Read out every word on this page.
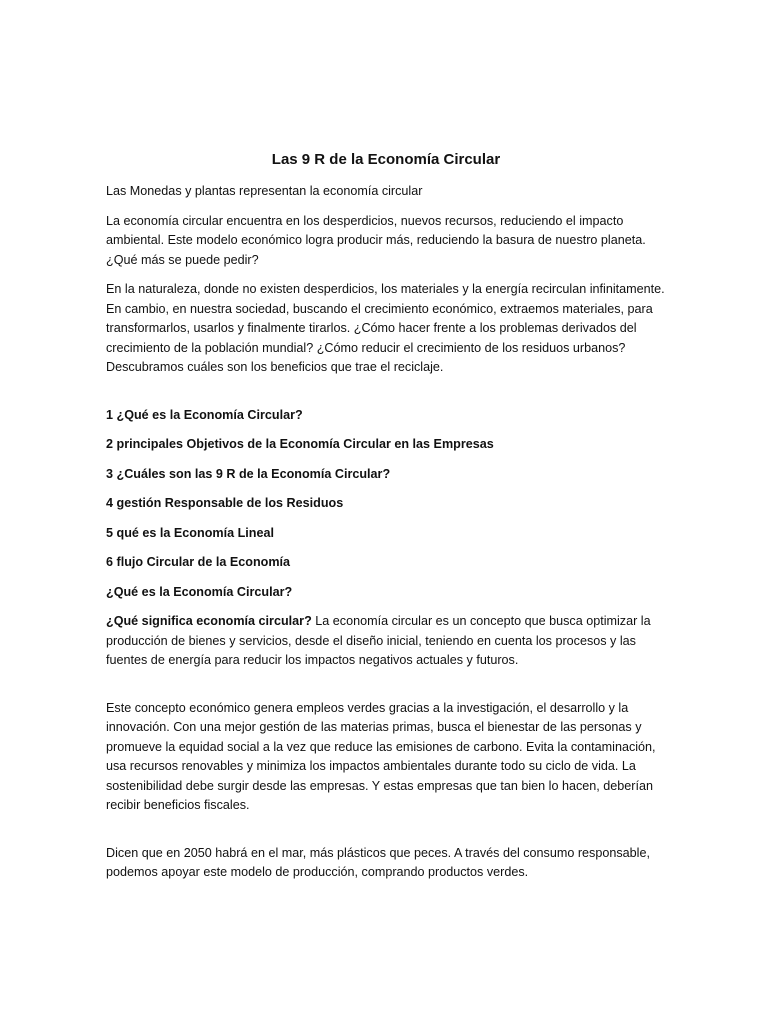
Las 9 R de la Economía Circular

Las Monedas y plantas representan la economía circular

La economía circular encuentra en los desperdicios, nuevos recursos, reduciendo el impacto ambiental. Este modelo económico logra producir más, reduciendo la basura de nuestro planeta. ¿Qué más se puede pedir?

En la naturaleza, donde no existen desperdicios, los materiales y la energía recirculan infinitamente. En cambio, en nuestra sociedad, buscando el crecimiento económico, extraemos materiales, para transformarlos, usarlos y finalmente tirarlos. ¿Cómo hacer frente a los problemas derivados del crecimiento de la población mundial? ¿Cómo reducir el crecimiento de los residuos urbanos? Descubramos cuáles son los beneficios que trae el reciclaje.

1 ¿Qué es la Economía Circular?

2 principales Objetivos de la Economía Circular en las Empresas

3 ¿Cuáles son las 9 R de la Economía Circular?

4 gestión Responsable de los Residuos

5 qué es la Economía Lineal

6 flujo Circular de la Economía

¿Qué es la Economía Circular?

¿Qué significa economía circular? La economía circular es un concepto que busca optimizar la producción de bienes y servicios, desde el diseño inicial, teniendo en cuenta los procesos y las fuentes de energía para reducir los impactos negativos actuales y futuros.

Este concepto económico genera empleos verdes gracias a la investigación, el desarrollo y la innovación. Con una mejor gestión de las materias primas, busca el bienestar de las personas y promueve la equidad social a la vez que reduce las emisiones de carbono. Evita la contaminación, usa recursos renovables y minimiza los impactos ambientales durante todo su ciclo de vida. La sostenibilidad debe surgir desde las empresas. Y estas empresas que tan bien lo hacen, deberían recibir beneficios fiscales.

Dicen que en 2050 habrá en el mar, más plásticos que peces. A través del consumo responsable, podemos apoyar este modelo de producción, comprando productos verdes.
